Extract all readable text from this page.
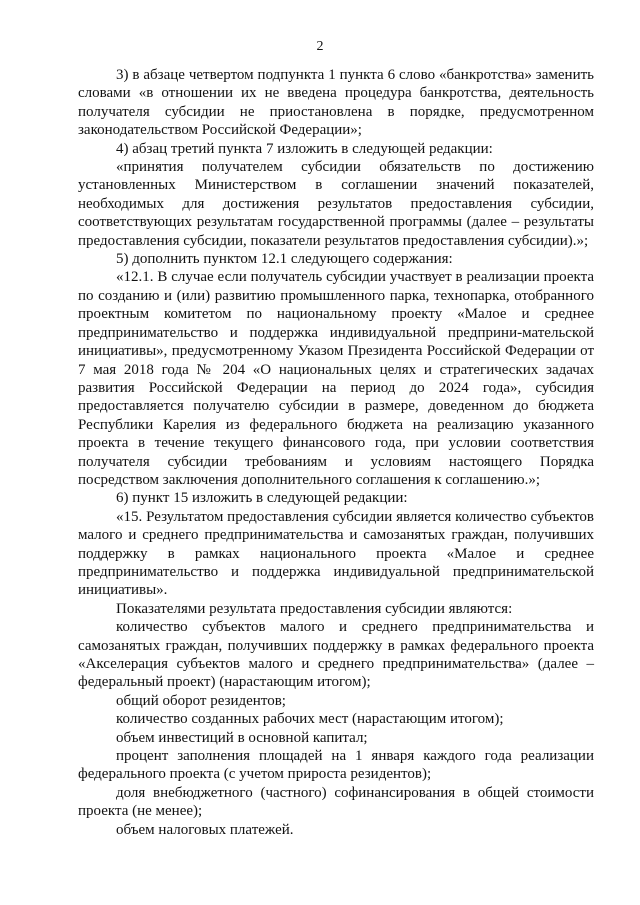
2

3) в абзаце четвертом подпункта 1 пункта 6 слово «банкротства» заменить словами «в отношении их не введена процедура банкротства, деятельность получателя субсидии не приостановлена в порядке, предусмотренном законодательством Российской Федерации»;

4) абзац третий пункта 7 изложить в следующей редакции:

«принятия получателем субсидии обязательств по достижению установленных Министерством в соглашении значений показателей, необходимых для достижения результатов предоставления субсидии, соответствующих результатам государственной программы (далее – результаты предоставления субсидии, показатели результатов предоставления субсидии).»;

5) дополнить пунктом 12.1 следующего содержания:

«12.1. В случае если получатель субсидии участвует в реализации проекта по созданию и (или) развитию промышленного парка, технопарка, отобранного проектным комитетом по национальному проекту «Малое и среднее предпринимательство и поддержка индивидуальной предприни-мательской инициативы», предусмотренному Указом Президента Российской Федерации от 7 мая 2018 года № 204 «О национальных целях и стратегических задачах развития Российской Федерации на период до 2024 года», субсидия предоставляется получателю субсидии в размере, доведенном до бюджета Республики Карелия из федерального бюджета на реализацию указанного проекта в течение текущего финансового года, при условии соответствия получателя субсидии требованиям и условиям настоящего Порядка посредством заключения дополнительного соглашения к соглашению.»;

6) пункт 15 изложить в следующей редакции:

«15. Результатом предоставления субсидии является количество субъектов малого и среднего предпринимательства и самозанятых граждан, получивших поддержку в рамках национального проекта «Малое и среднее предпринимательство и поддержка индивидуальной предпринимательской инициативы».

Показателями результата предоставления субсидии являются:

количество субъектов малого и среднего предпринимательства и самозанятых граждан, получивших поддержку в рамках федерального проекта «Акселерация субъектов малого и среднего предпринимательства» (далее – федеральный проект) (нарастающим итогом);

общий оборот резидентов;

количество созданных рабочих мест (нарастающим итогом);

объем инвестиций в основной капитал;

процент заполнения площадей на 1 января каждого года реализации федерального проекта (с учетом прироста резидентов);

доля внебюджетного (частного) софинансирования в общей стоимости проекта (не менее);

объем налоговых платежей.
